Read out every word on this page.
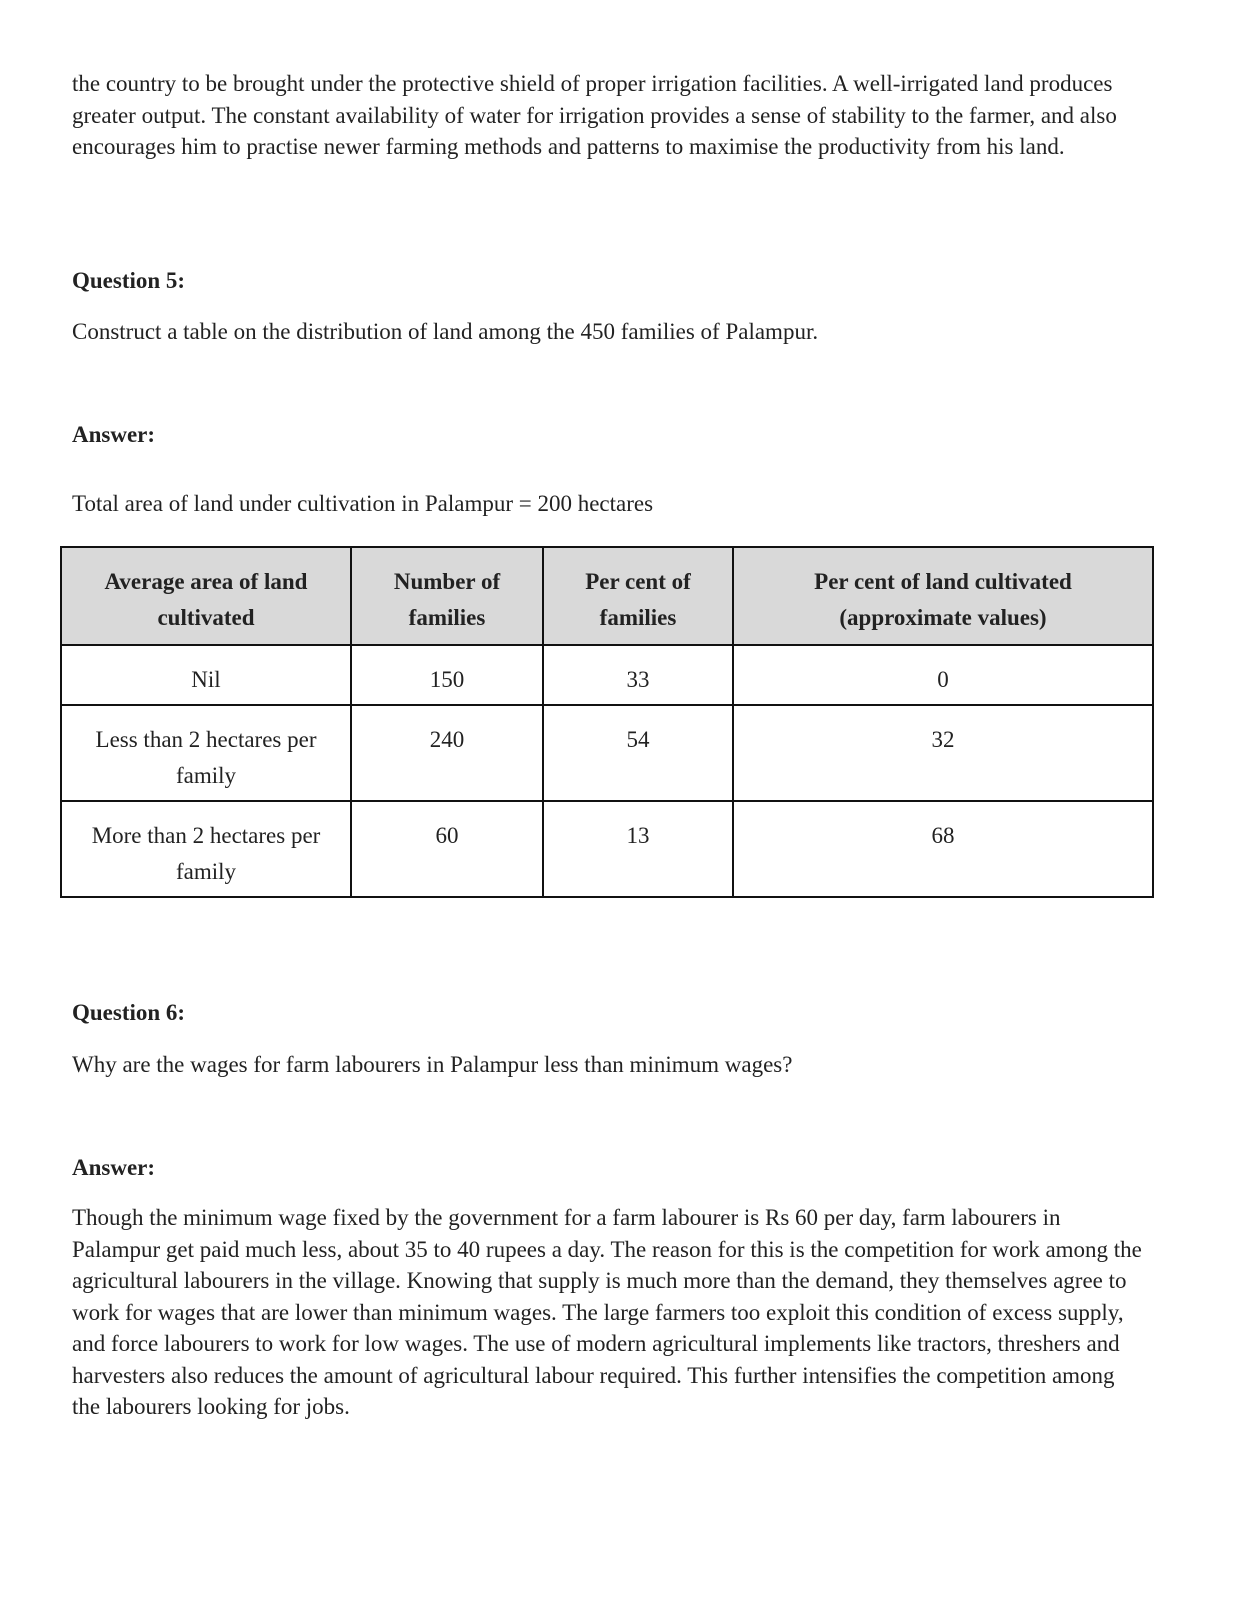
the country to be brought under the protective shield of proper irrigation facilities. A well-irrigated land produces greater output. The constant availability of water for irrigation provides a sense of stability to the farmer, and also encourages him to practise newer farming methods and patterns to maximise the productivity from his land.

Question 5:

Construct a table on the distribution of land among the 450 families of Palampur.

Answer:

Total area of land under cultivation in Palampur = 200 hectares

Question 6:

Why are the wages for farm labourers in Palampur less than minimum wages?

Answer:

Though the minimum wage fixed by the government for a farm labourer is Rs 60 per day, farm labourers in Palampur get paid much less, about 35 to 40 rupees a day. The reason for this is the competition for work among the agricultural labourers in the village. Knowing that supply is much more than the demand, they themselves agree to work for wages that are lower than minimum wages. The large farmers too exploit this condition of excess supply, and force labourers to work for low wages. The use of modern agricultural implements like tractors, threshers and harvesters also reduces the amount of agricultural labour required. This further intensifies the competition among the labourers looking for jobs.

Average area of land cultivated	Number of families	Per cent of families	Per cent of land cultivated (approximate values)
Nil	150	33	0
Less than 2 hectares per family	240	54	32
More than 2 hectares per family	60	13	68
